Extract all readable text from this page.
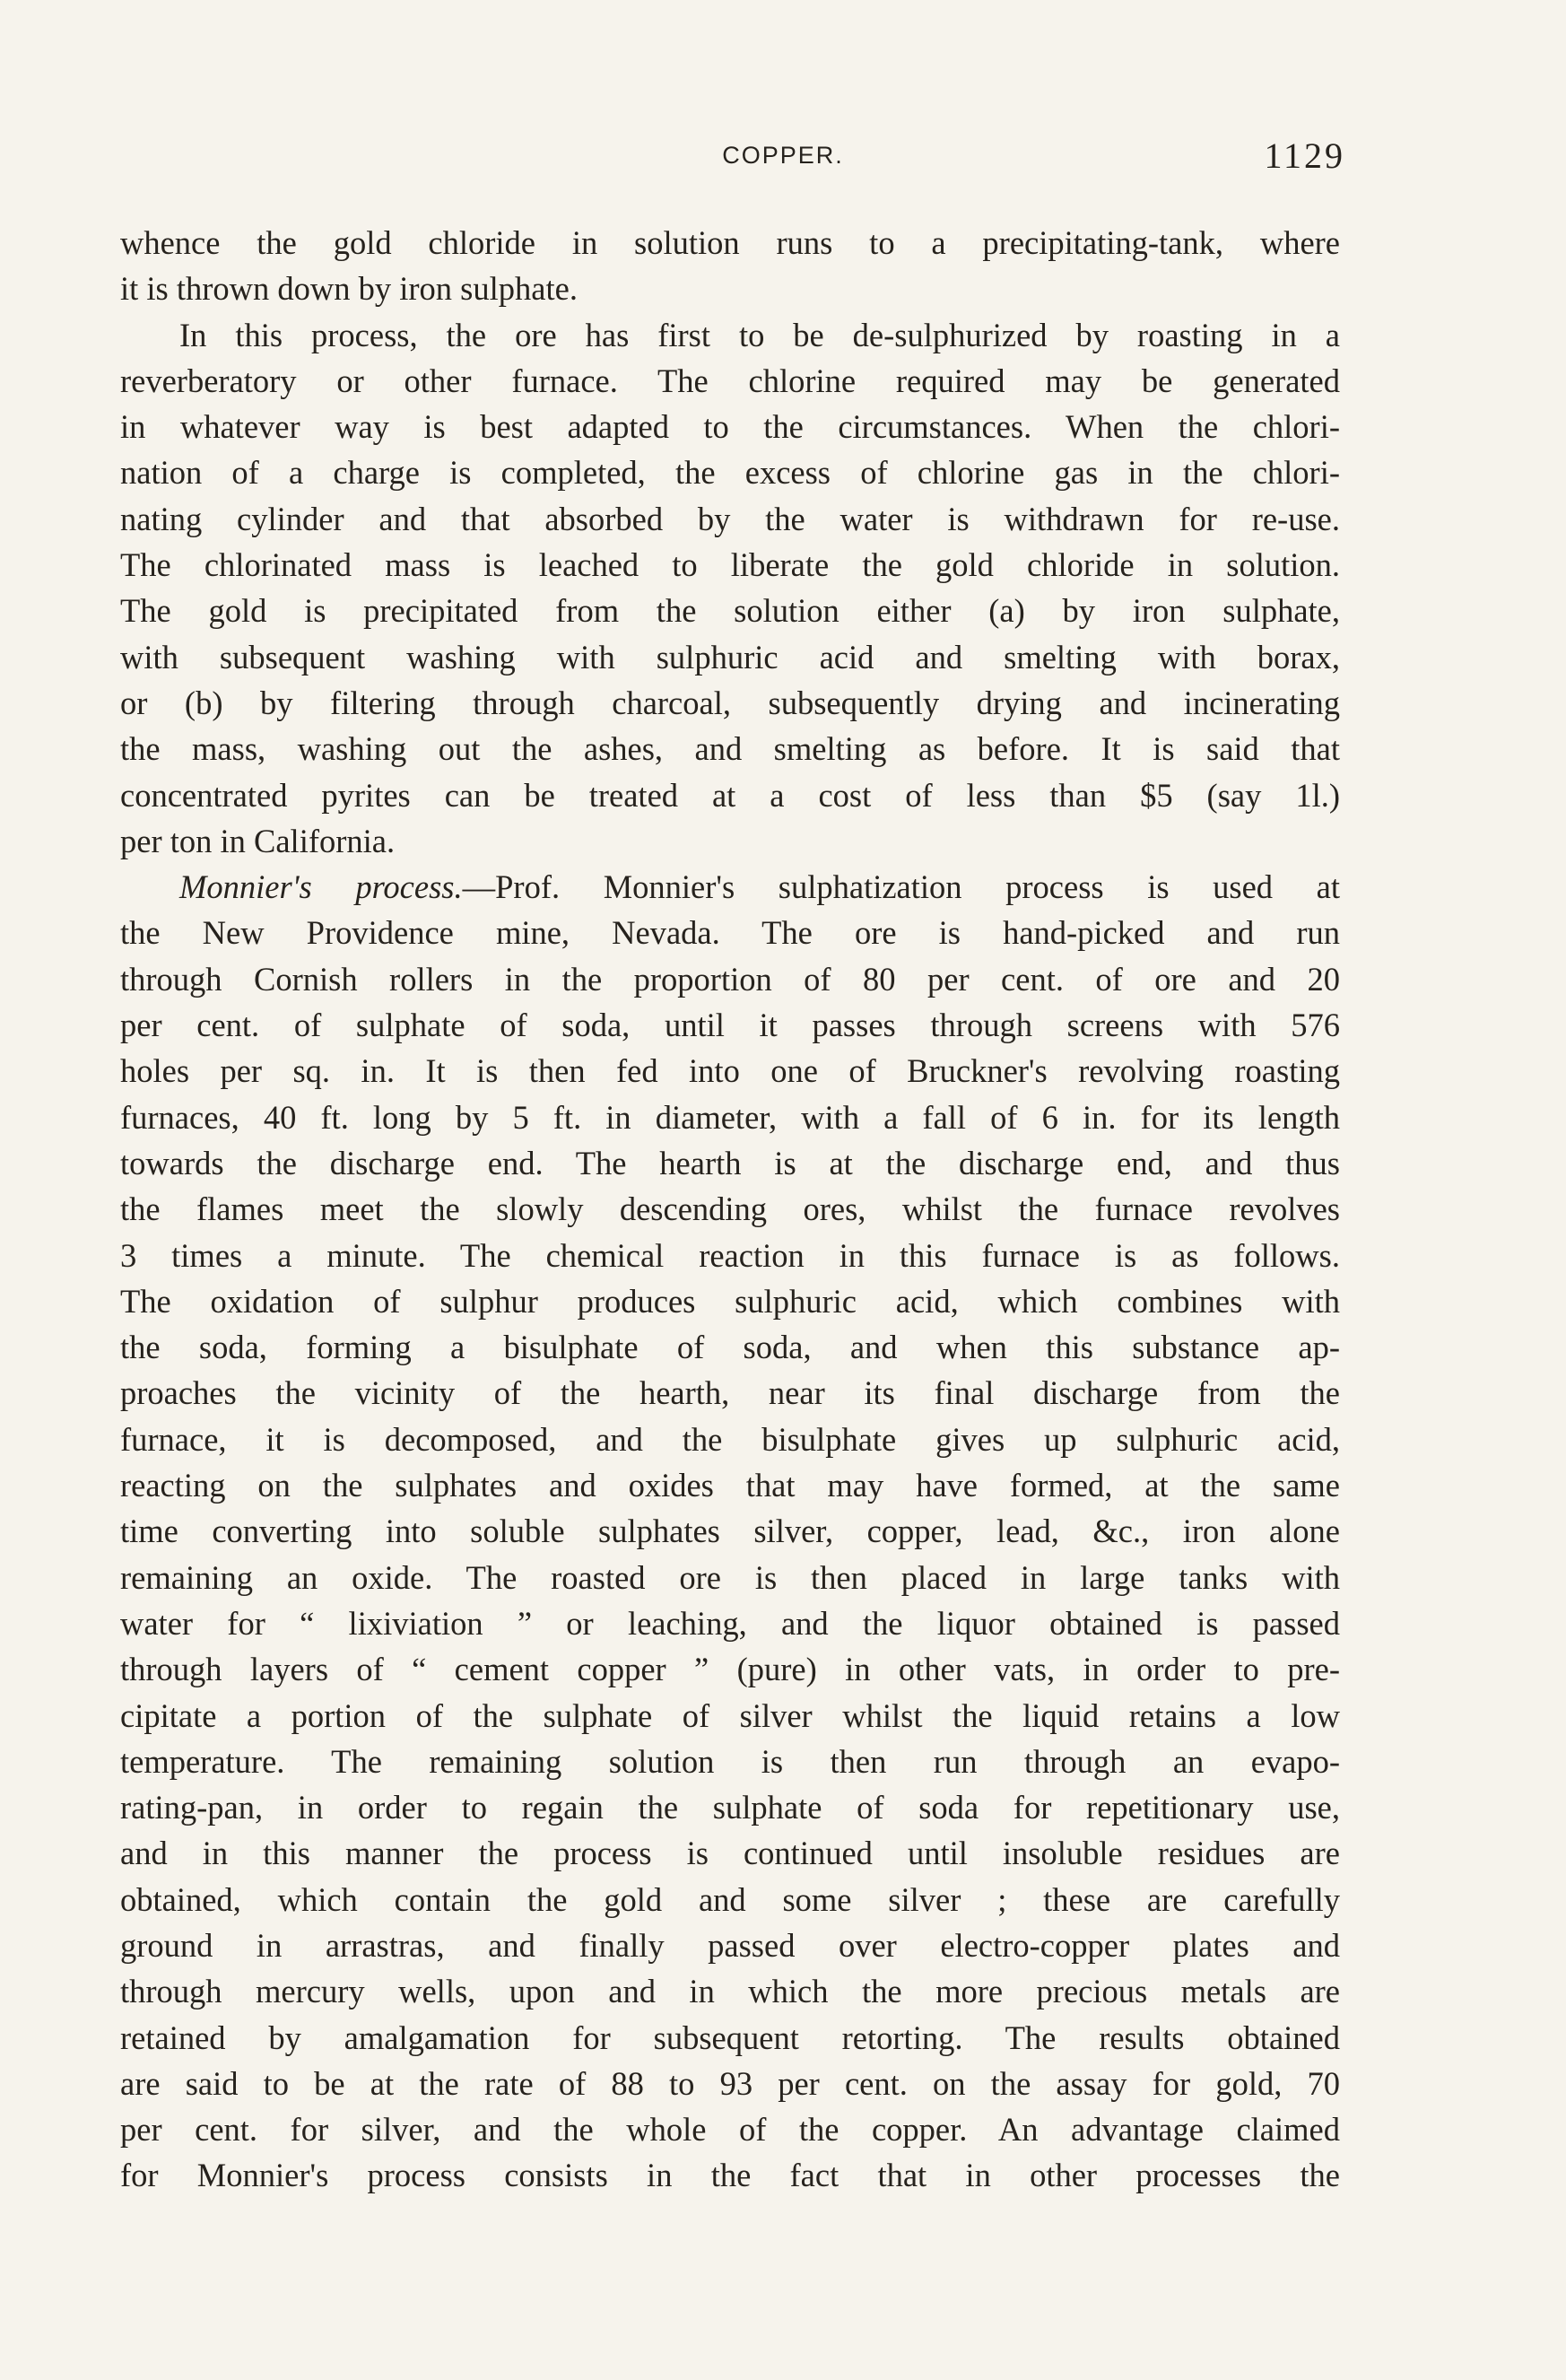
COPPER.	1129

whence the gold chloride in solution runs to a precipitating-tank, where

it is thrown down by iron sulphate.

In this process, the ore has first to be de-sulphurized by roasting in a

reverberatory or other furnace. The chlorine required may be generated

in whatever way is best adapted to the circumstances. When the chlori-

nation of a charge is completed, the excess of chlorine gas in the chlori-

nating cylinder and that absorbed by the water is withdrawn for re-use.

The chlorinated mass is leached to liberate the gold chloride in solution.

The gold is precipitated from the solution either (a) by iron sulphate,

with subsequent washing with sulphuric acid and smelting with borax,

or (b) by filtering through charcoal, subsequently drying and incinerating

the mass, washing out the ashes, and smelting as before. It is said that

concentrated pyrites can be treated at a cost of less than $5 (say 1l.)

per ton in California.

Monnier's process.—Prof. Monnier's sulphatization process is used at

the New Providence mine, Nevada. The ore is hand-picked and run

through Cornish rollers in the proportion of 80 per cent. of ore and 20

per cent. of sulphate of soda, until it passes through screens with 576

holes per sq. in. It is then fed into one of Bruckner's revolving roasting

furnaces, 40 ft. long by 5 ft. in diameter, with a fall of 6 in. for its length

towards the discharge end. The hearth is at the discharge end, and thus

the flames meet the slowly descending ores, whilst the furnace revolves

3 times a minute. The chemical reaction in this furnace is as follows.

The oxidation of sulphur produces sulphuric acid, which combines with

the soda, forming a bisulphate of soda, and when this substance ap-

proaches the vicinity of the hearth, near its final discharge from the

furnace, it is decomposed, and the bisulphate gives up sulphuric acid,

reacting on the sulphates and oxides that may have formed, at the same

time converting into soluble sulphates silver, copper, lead, &c., iron alone

remaining an oxide. The roasted ore is then placed in large tanks with

water for “ lixiviation ” or leaching, and the liquor obtained is passed

through layers of “ cement copper ” (pure) in other vats, in order to pre-

cipitate a portion of the sulphate of silver whilst the liquid retains a low

temperature. The remaining solution is then run through an evapo-

rating-pan, in order to regain the sulphate of soda for repetitionary use,

and in this manner the process is continued until insoluble residues are

obtained, which contain the gold and some silver ; these are carefully

ground in arrastras, and finally passed over electro-copper plates and

through mercury wells, upon and in which the more precious metals are

retained by amalgamation for subsequent retorting. The results obtained

are said to be at the rate of 88 to 93 per cent. on the assay for gold, 70

per cent. for silver, and the whole of the copper. An advantage claimed

for Monnier's process consists in the fact that in other processes the
